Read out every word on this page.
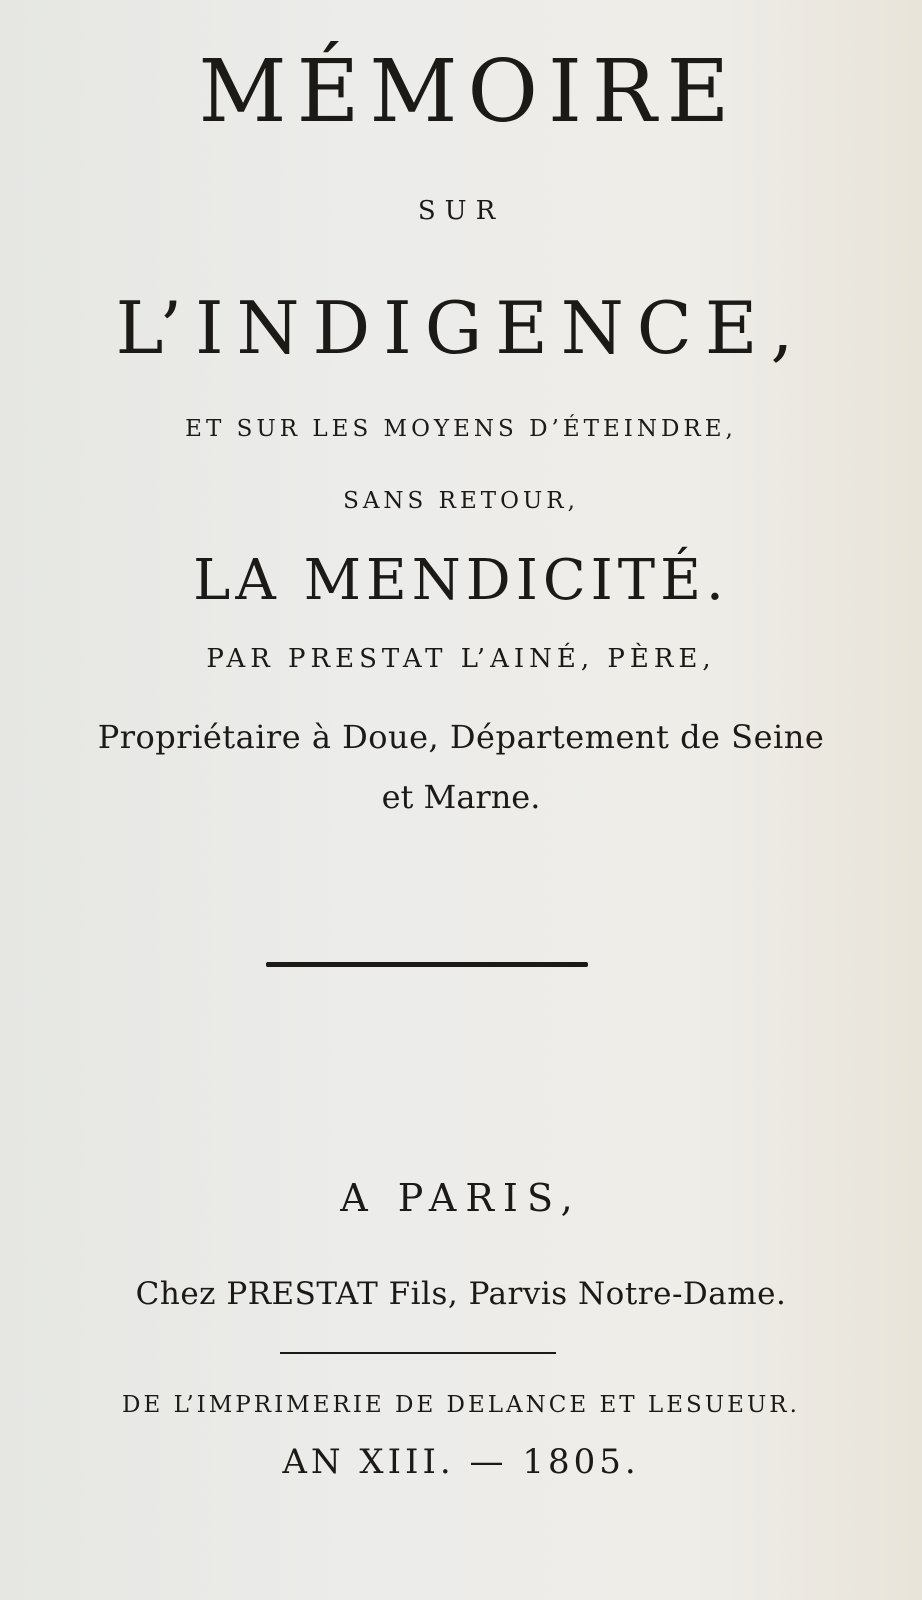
MÉMOIRE
SUR
L’INDIGENCE,
ET SUR LES MOYENS D’ÉTEINDRE,
SANS RETOUR,
LA MENDICITÉ.
PAR PRESTAT L’AINÉ, PÈRE,
Propriétaire à Doue, Département de Seine
et Marne.
A PARIS,
Chez PRESTAT Fils, Parvis Notre-Dame.
DE L’IMPRIMERIE DE DELANCE ET LESUEUR.
AN XIII. — 1805.
